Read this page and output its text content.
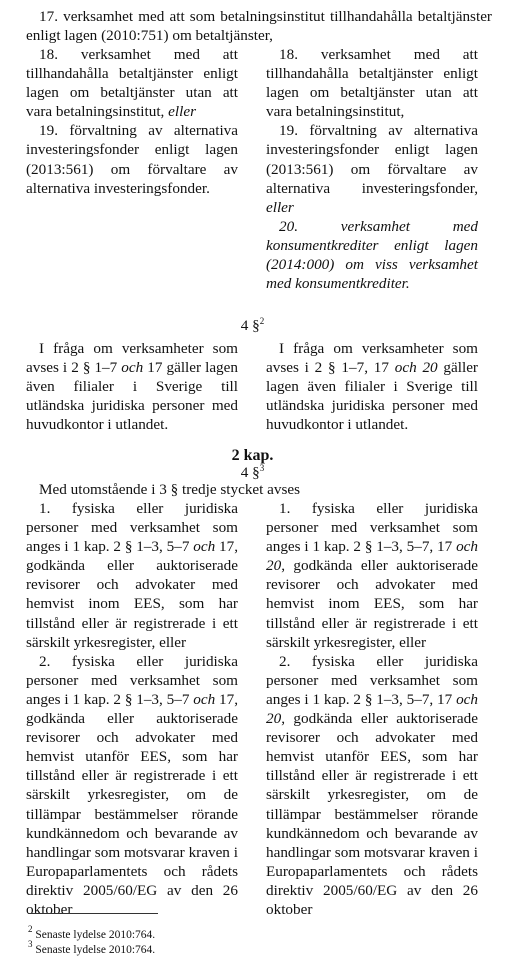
17. verksamhet med att som betalningsinstitut tillhandahålla betaltjänster enligt lagen (2010:751) om betaltjänster,
18. verksamhet med att tillhandahålla betaltjänster enligt lagen om betaltjänster utan att vara betalningsinstitut, eller
19. förvaltning av alternativa investeringsfonder enligt lagen (2013:561) om förvaltare av alternativa investeringsfonder.
18. verksamhet med att tillhandahålla betaltjänster enligt lagen om betaltjänster utan att vara betalningsinstitut,
19. förvaltning av alternativa investeringsfonder enligt lagen (2013:561) om förvaltare av alternativa investeringsfonder, eller
20. verksamhet med konsumentkrediter enligt lagen (2014:000) om viss verksamhet med konsumentkrediter.
4 §$^2$
I fråga om verksamheter som avses i 2 § 1–7 och 17 gäller lagen även filialer i Sverige till utländska juridiska personer med huvudkontor i utlandet.
I fråga om verksamheter som avses i 2 § 1–7, 17 och 20 gäller lagen även filialer i Sverige till utländska juridiska personer med huvudkontor i utlandet.
2 kap.
4 §$^3$
Med utomstående i 3 § tredje stycket avses
1. fysiska eller juridiska personer med verksamhet som anges i 1 kap. 2 § 1–3, 5–7 och 17, godkända eller auktoriserade revisorer och advokater med hemvist inom EES, som har tillstånd eller är registrerade i ett särskilt yrkesregister, eller
2. fysiska eller juridiska personer med verksamhet som anges i 1 kap. 2 § 1–3, 5–7 och 17, godkända eller auktoriserade revisorer och advokater med hemvist utanför EES, som har tillstånd eller är registrerade i ett särskilt yrkesregister, om de tillämpar bestämmelser rörande kundkännedom och bevarande av handlingar som motsvarar kraven i Europaparlamentets och rådets direktiv 2005/60/EG av den 26 oktober
1. fysiska eller juridiska personer med verksamhet som anges i 1 kap. 2 § 1–3, 5–7, 17 och 20, godkända eller auktoriserade revisorer och advokater med hemvist inom EES, som har tillstånd eller är registrerade i ett särskilt yrkesregister, eller
2. fysiska eller juridiska personer med verksamhet som anges i 1 kap. 2 § 1–3, 5–7, 17 och 20, godkända eller auktoriserade revisorer och advokater med hemvist utanför EES, som har tillstånd eller är registrerade i ett särskilt yrkesregister, om de tillämpar bestämmelser rörande kundkännedom och bevarande av handlingar som motsvarar kraven i Europaparlamentets och rådets direktiv 2005/60/EG av den 26 oktober
$^2$ Senaste lydelse 2010:764.
$^3$ Senaste lydelse 2010:764.
